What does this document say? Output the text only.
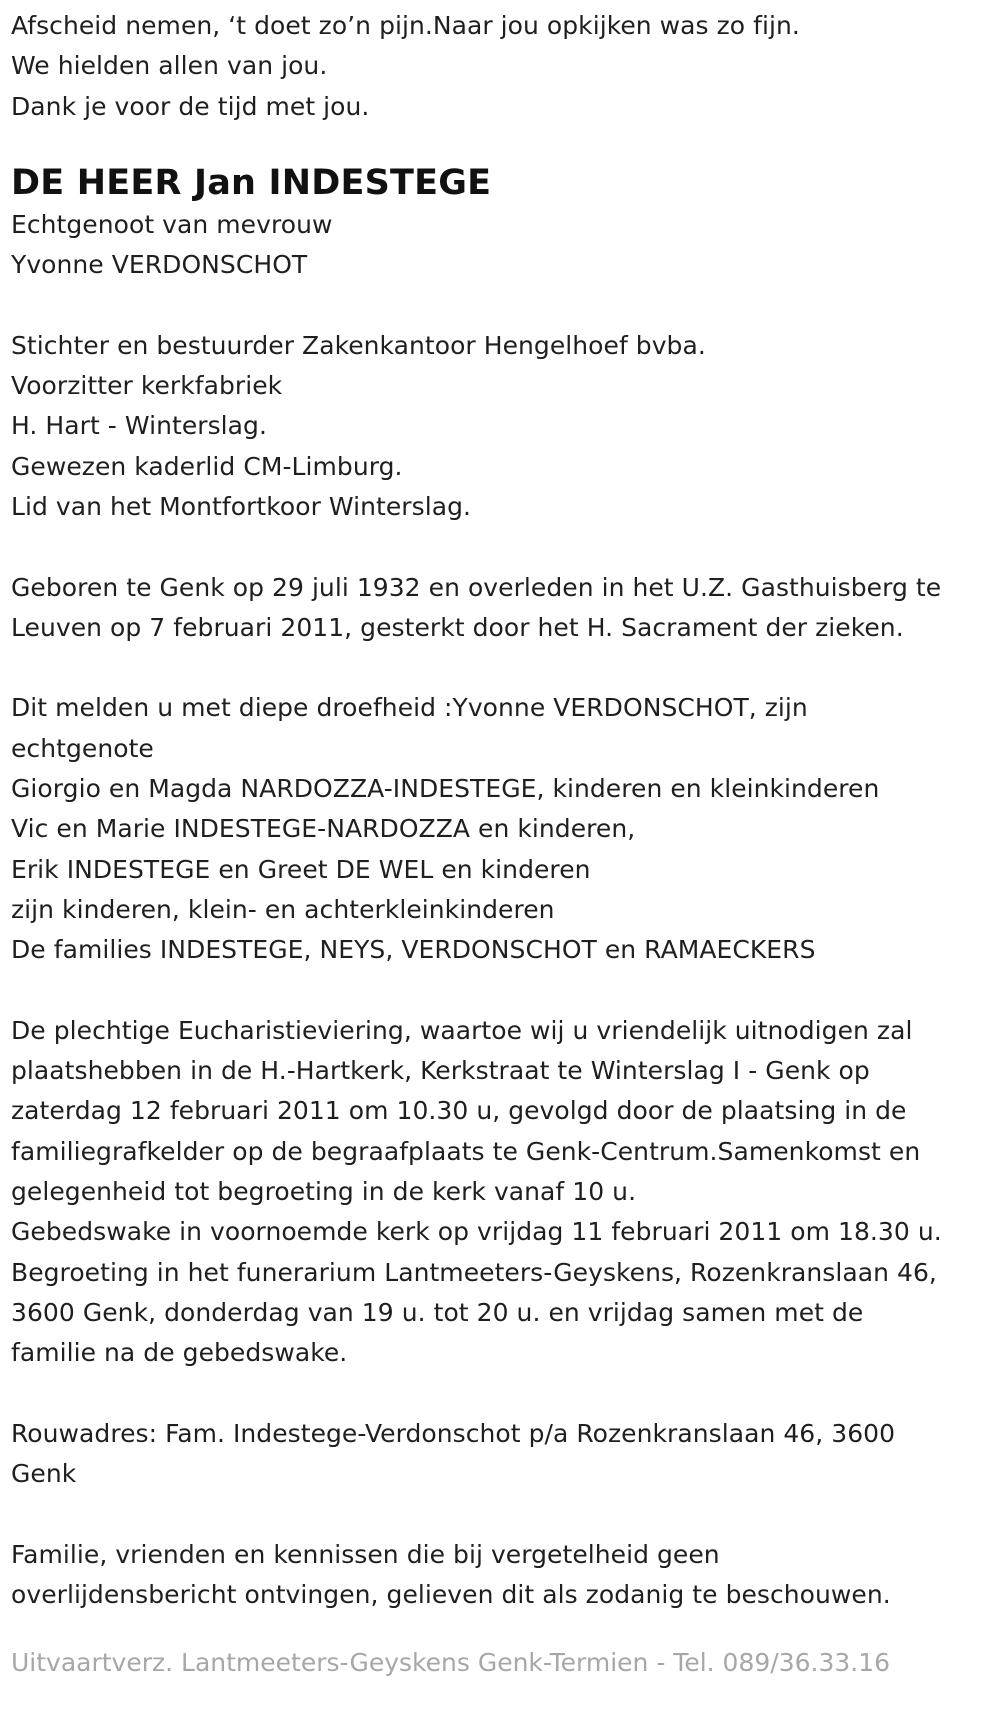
Afscheid nemen, ‘t doet zo’n pijn.Naar jou opkijken was zo fijn.
We hielden allen van jou.
Dank je voor de tijd met jou.
DE HEER Jan INDESTEGE
Echtgenoot van mevrouw
Yvonne VERDONSCHOT
Stichter en bestuurder Zakenkantoor Hengelhoef bvba.
Voorzitter kerkfabriek
H. Hart - Winterslag.
Gewezen kaderlid CM-Limburg.
Lid van het Montfortkoor Winterslag.
Geboren te Genk op 29 juli 1932 en overleden in het U.Z. Gasthuisberg te
Leuven op 7 februari 2011, gesterkt door het H. Sacrament der zieken.
Dit melden u met diepe droefheid :Yvonne VERDONSCHOT, zijn
echtgenote
Giorgio en Magda NARDOZZA-INDESTEGE, kinderen en kleinkinderen
Vic en Marie INDESTEGE-NARDOZZA en kinderen,
Erik INDESTEGE en Greet DE WEL en kinderen
zijn kinderen, klein- en achterkleinkinderen
De families INDESTEGE, NEYS, VERDONSCHOT en RAMAECKERS
De plechtige Eucharistieviering, waartoe wij u vriendelijk uitnodigen zal
plaatshebben in de H.-Hartkerk, Kerkstraat te Winterslag I - Genk op
zaterdag 12 februari 2011 om 10.30 u, gevolgd door de plaatsing in de
familiegrafkelder op de begraafplaats te Genk-Centrum.Samenkomst en
gelegenheid tot begroeting in de kerk vanaf 10 u.
Gebedswake in voornoemde kerk op vrijdag 11 februari 2011 om 18.30 u.
Begroeting in het funerarium Lantmeeters-Geyskens, Rozenkranslaan 46,
3600 Genk, donderdag van 19 u. tot 20 u. en vrijdag samen met de
familie na de gebedswake.
Rouwadres: Fam. Indestege-Verdonschot p/a Rozenkranslaan 46, 3600
Genk
Familie, vrienden en kennissen die bij vergetelheid geen
overlijdensbericht ontvingen, gelieven dit als zodanig te beschouwen.
Uitvaartverz. Lantmeeters-Geyskens Genk-Termien - Tel. 089/36.33.16
